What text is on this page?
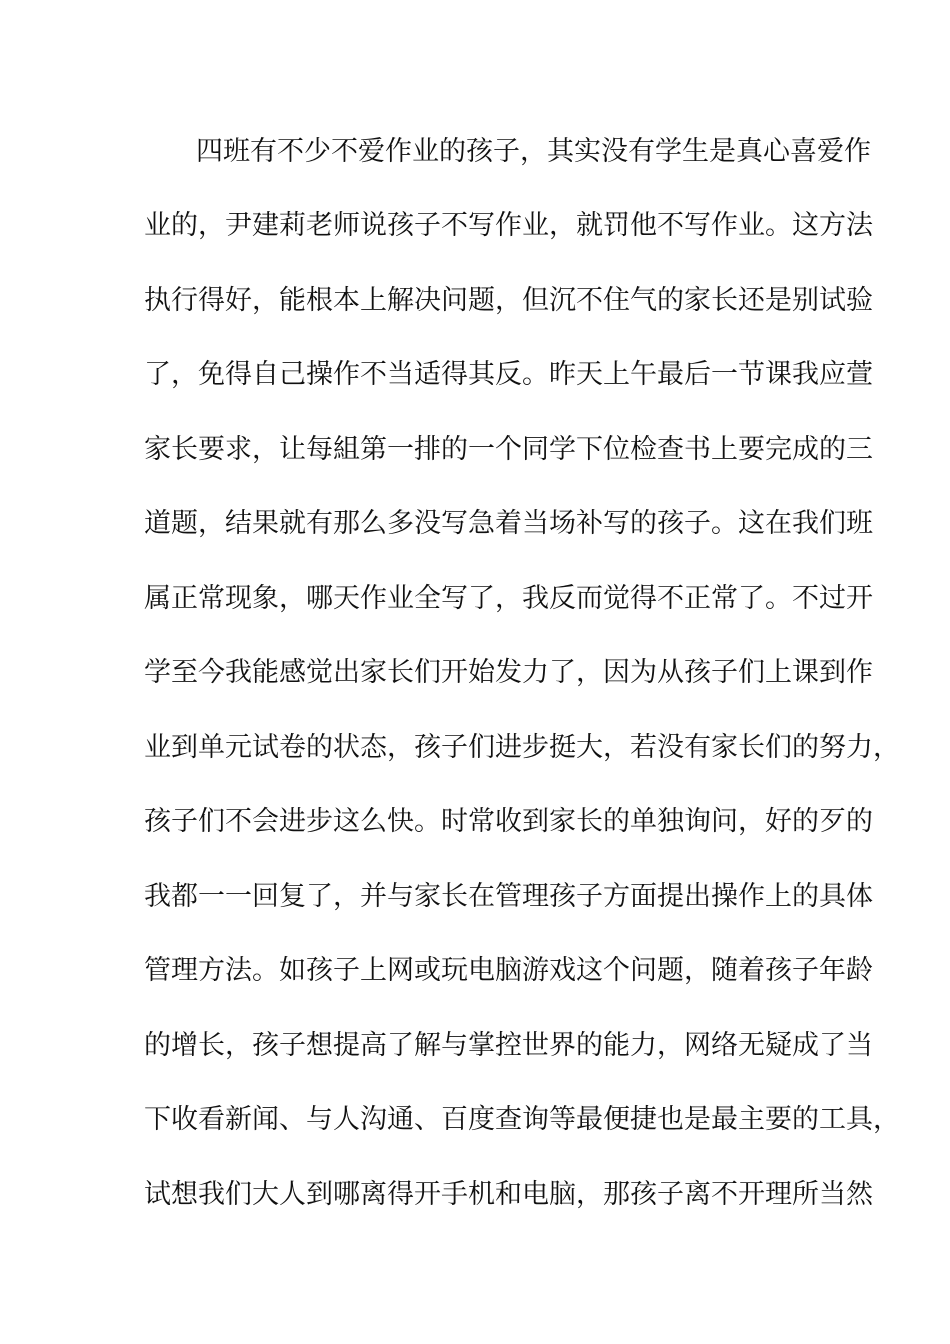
四班有不少不爱作业的孩子，其实没有学生是真心喜爱作
业的，尹建莉老师说孩子不写作业，就罚他不写作业。这方法
执行得好，能根本上解决问题，但沉不住气的家长还是别试验
了，免得自己操作不当适得其反。昨天上午最后一节课我应萱
家长要求，让每組第一排的一个同学下位检查书上要完成的三
道题，结果就有那么多没写急着当场补写的孩子。这在我们班
属正常现象，哪天作业全写了，我反而觉得不正常了。不过开
学至今我能感觉出家长们开始发力了，因为从孩子们上课到作
业到单元试卷的状态，孩子们进步挺大，若没有家长们的努力，
孩子们不会进步这么快。时常收到家长的单独询问，好的歹的
我都一一回复了，并与家长在管理孩子方面提出操作上的具体
管理方法。如孩子上网或玩电脑游戏这个问题，随着孩子年龄
的增长，孩子想提高了解与掌控世界的能力，网络无疑成了当
下收看新闻、与人沟通、百度查询等最便捷也是最主要的工具，
试想我们大人到哪离得开手机和电脑，那孩子离不开理所当然
